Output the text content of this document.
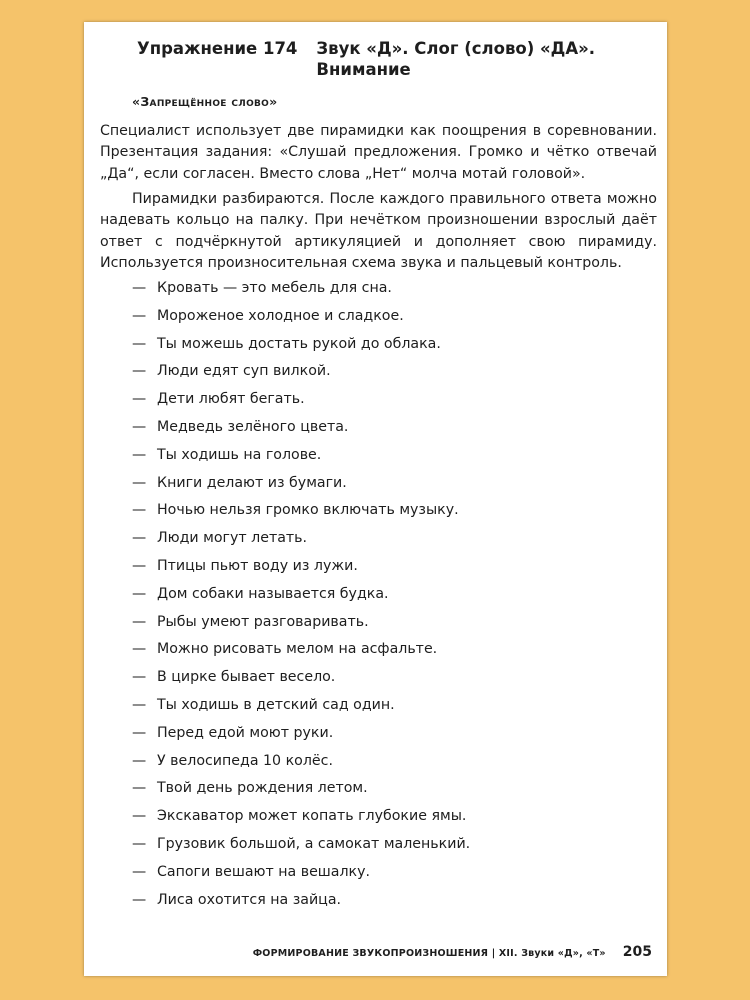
Упражнение 174 Звук «Д». Слог (слово) «ДА».
Внимание
«Запрещённое слово»

Специалист использует две пирамидки как поощрения в соревновании. Презентация задания: «Слушай предложения. Громко и чётко отвечай „Да“, если согласен. Вместо слова „Нет“ молча мотай головой».

Пирамидки разбираются. После каждого правильного ответа можно надевать кольцо на палку. При нечётком произношении взрослый даёт ответ с подчёркнутой артикуляцией и дополняет свою пирамиду. Используется произносительная схема звука и пальцевый контроль.

— Кровать — это мебель для сна.
— Мороженое холодное и сладкое.
— Ты можешь достать рукой до облака.
— Люди едят суп вилкой.
— Дети любят бегать.
— Медведь зелёного цвета.
— Ты ходишь на голове.
— Книги делают из бумаги.
— Ночью нельзя громко включать музыку.
— Люди могут летать.
— Птицы пьют воду из лужи.
— Дом собаки называется будка.
— Рыбы умеют разговаривать.
— Можно рисовать мелом на асфальте.
— В цирке бывает весело.
— Ты ходишь в детский сад один.
— Перед едой моют руки.
— У велосипеда 10 колёс.
— Твой день рождения летом.
— Экскаватор может копать глубокие ямы.
— Грузовик большой, а самокат маленький.
— Сапоги вешают на вешалку.
— Лиса охотится на зайца.
ФОРМИРОВАНИЕ ЗВУКОПРОИЗНОШЕНИЯ | XII. Звуки «Д», «Т» 205
